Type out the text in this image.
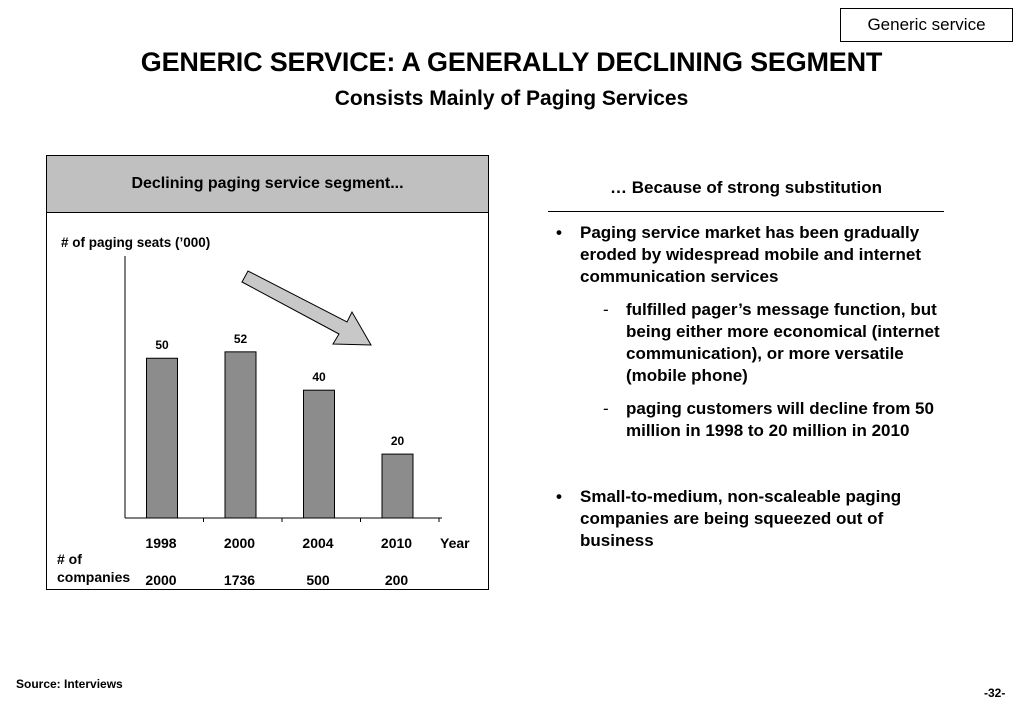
Generic service
GENERIC SERVICE: A GENERALLY DECLINING SEGMENT
Consists Mainly of Paging Services
Declining paging service segment...
# of paging seats (’000)
50
1998
2000
52
2000
1736
40
2004
500
20
2010
200
Year
# of
companies
… Because of strong substitution
• Paging service market has been gradually eroded by widespread mobile and internet communication services
- fulfilled pager’s message function, but being either more economical (internet communication), or more versatile (mobile phone)
- paging customers will decline from 50 million in 1998 to 20 million in 2010
• Small-to-medium, non-scaleable paging companies are being squeezed out of business
Source: Interviews
-32-
